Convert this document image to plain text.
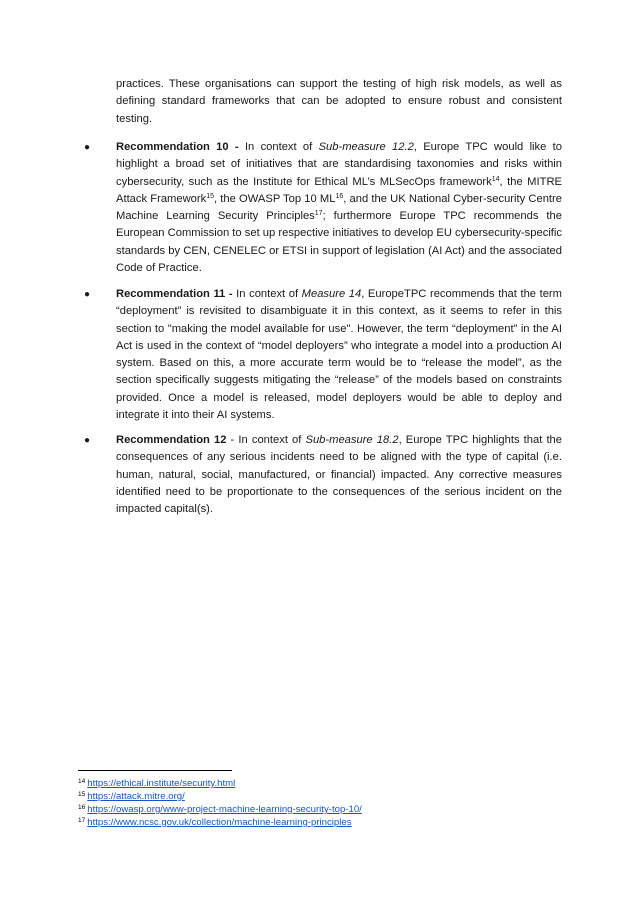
practices. These organisations can support the testing of high risk models, as well as defining standard frameworks that can be adopted to ensure robust and consistent testing.

● Recommendation 10 - In context of Sub-measure 12.2, Europe TPC would like to highlight a broad set of initiatives that are standardising taxonomies and risks within cybersecurity, such as the Institute for Ethical ML’s MLSecOps framework$^{14}$, the MITRE Attack Framework$^{15}$, the OWASP Top 10 ML$^{16}$, and the UK National Cyber-security Centre Machine Learning Security Principles$^{17}$; furthermore Europe TPC recommends the European Commission to set up respective initiatives to develop EU cybersecurity-specific standards by CEN, CENELEC or ETSI in support of legislation (AI Act) and the associated Code of Practice.

● Recommendation 11 - In context of Measure 14, EuropeTPC recommends that the term “deployment” is revisited to disambiguate it in this context, as it seems to refer in this section to "making the model available for use". However, the term “deployment” in the AI Act is used in the context of “model deployers” who integrate a model into a production AI system. Based on this, a more accurate term would be to “release the model”, as the section specifically suggests mitigating the “release” of the models based on constraints provided. Once a model is released, model deployers would be able to deploy and integrate it into their AI systems.

● Recommendation 12 - In context of Sub-measure 18.2, Europe TPC highlights that the consequences of any serious incidents need to be aligned with the type of capital (i.e. human, natural, social, manufactured, or financial) impacted. Any corrective measures identified need to be proportionate to the consequences of the serious incident on the impacted capital(s).

$^{14}$ https://ethical.institute/security.html
$^{15}$ https://attack.mitre.org/
$^{16}$ https://owasp.org/www-project-machine-learning-security-top-10/
$^{17}$ https://www.ncsc.gov.uk/collection/machine-learning-principles
